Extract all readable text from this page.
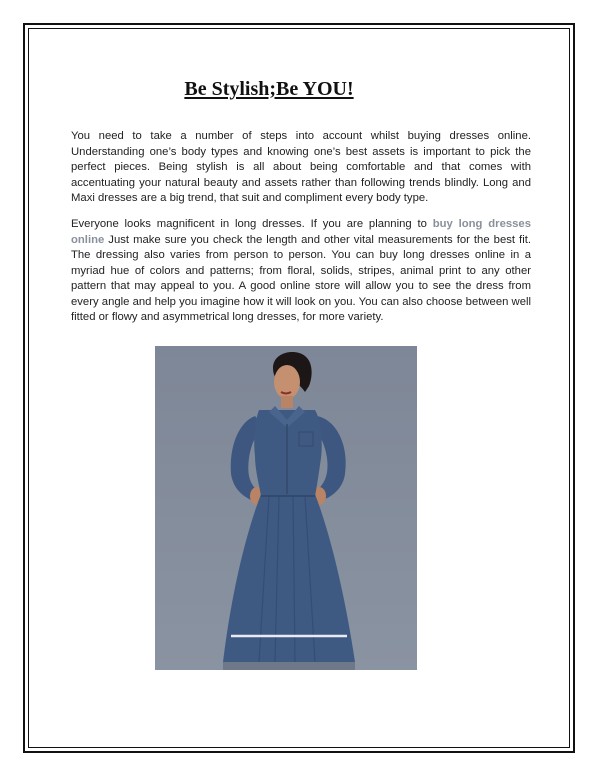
Be Stylish;Be YOU!

You need to take a number of steps into account whilst buying dresses online. Understanding one’s body types and knowing one’s best assets is important to pick the perfect pieces. Being stylish is all about being comfortable and that comes with accentuating your natural beauty and assets rather than following trends blindly. Long and Maxi dresses are a big trend, that suit and compliment every body type.

Everyone looks magnificent in long dresses. If you are planning to buy long dresses online Just make sure you check the length and other vital measurements for the best fit. The dressing also varies from person to person. You can buy long dresses online in a myriad hue of colors and patterns; from floral, solids, stripes, animal print to any other pattern that may appeal to you. A good online store will allow you to see the dress from every angle and help you imagine how it will look on you. You can also choose between well fitted or flowy and asymmetrical long dresses, for more variety.
